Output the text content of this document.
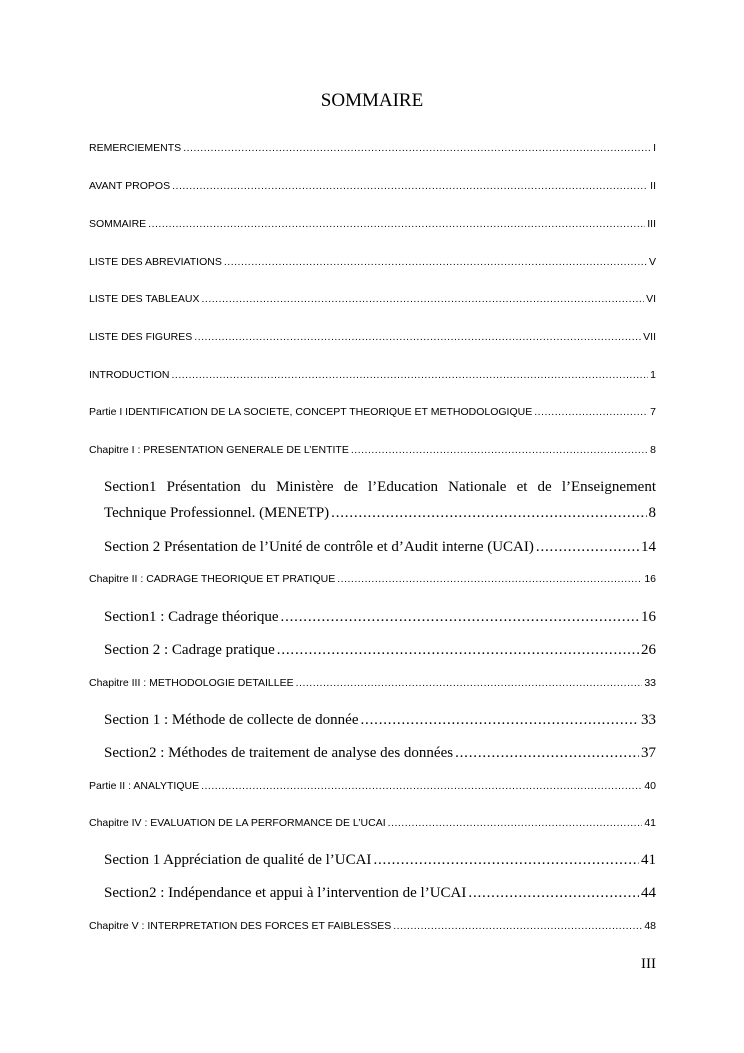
SOMMAIRE
REMERCIEMENTS .....	I
AVANT PROPOS .....	II
SOMMAIRE .....	III
LISTE DES ABREVIATIONS .....	V
LISTE DES TABLEAUX .....	VI
LISTE DES FIGURES .....	VII
INTRODUCTION .....	1
Partie I IDENTIFICATION DE LA SOCIETE, CONCEPT THEORIQUE ET METHODOLOGIQUE .....	7
Chapitre I : PRESENTATION GENERALE DE L’ENTITE .....	8
Section1 Présentation du Ministère de l’Education Nationale et de l’Enseignement
Technique Professionnel. (MENETP) .....	8
Section 2 Présentation de l’Unité de contrôle et d’Audit interne (UCAI) .....	14
Chapitre II : CADRAGE THEORIQUE ET PRATIQUE .....	16
Section1 : Cadrage théorique .....	16
Section 2 : Cadrage pratique .....	26
Chapitre III : METHODOLOGIE DETAILLEE .....	33
Section 1 : Méthode de collecte de donnée .....	33
Section2 : Méthodes de traitement de analyse des données .....	37
Partie II : ANALYTIQUE .....	40
Chapitre IV : EVALUATION DE LA PERFORMANCE DE L’UCAI .....	41
Section 1 Appréciation de qualité de l’UCAI .....	41
Section2 : Indépendance et appui à l’intervention de l’UCAI .....	44
Chapitre V : INTERPRETATION DES FORCES ET FAIBLESSES .....	48
III
